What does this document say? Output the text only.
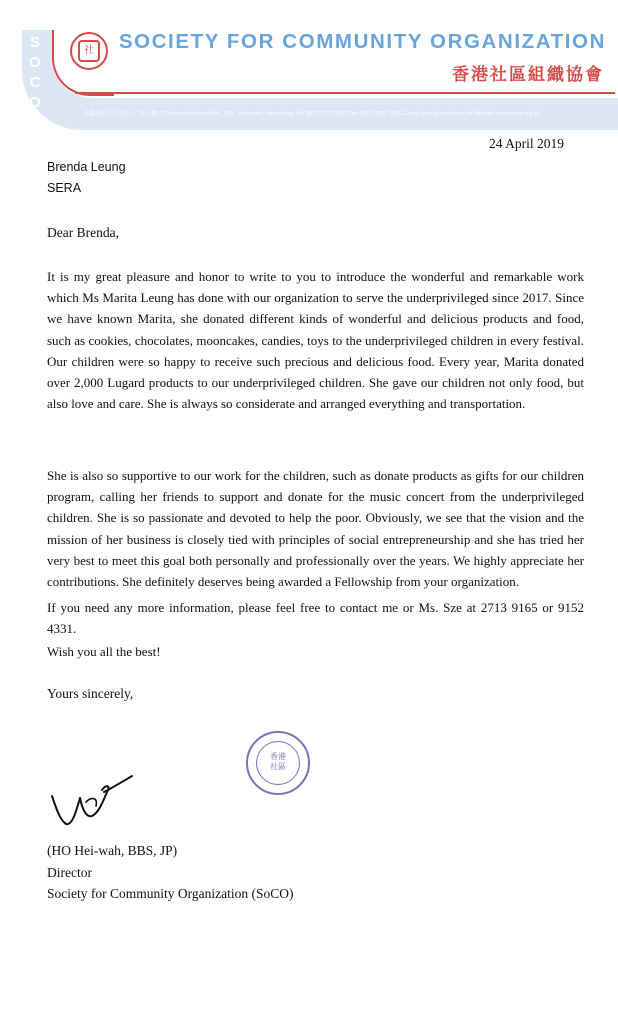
S
O
C
O
社 SOCIETY FOR COMMUNITY ORGANIZATION
香港社區組織協會
九龍旺角公主道五十二號三樓 52 Princess Margaret Rd., 3/Fl., Homantin, Hong Kong Tel: (852) 2713 9165 Fax: (852) 2761 3326 E-mail: soco@pacific.net.hk Website: www.soco.org.hk
24 April 2019
Brenda Leung
SERA
Dear Brenda,

It is my great pleasure and honor to write to you to introduce the wonderful and remarkable work which Ms Marita Leung has done with our organization to serve the underprivileged since 2017. Since we have known Marita, she donated different kinds of wonderful and delicious products and food, such as cookies, chocolates, mooncakes, candies, toys to the underprivileged children in every festival. Our children were so happy to receive such precious and delicious food. Every year, Marita donated over 2,000 Lugard products to our underprivileged children. She gave our children not only food, but also love and care. She is always so considerate and arranged everything and transportation.

She is also so supportive to our work for the children, such as donate products as gifts for our children program, calling her friends to support and donate for the music concert from the underprivileged children. She is so passionate and devoted to help the poor. Obviously, we see that the vision and the mission of her business is closely tied with principles of social entrepreneurship and she has tried her very best to meet this goal both personally and professionally over the years. We highly appreciate her contributions. She definitely deserves being awarded a Fellowship from your organization.

If you need any more information, please feel free to contact me or Ms. Sze at 2713 9165 or 9152 4331.

Wish you all the best!

Yours sincerely,
香港
社區
(HO Hei-wah, BBS, JP)
Director
Society for Community Organization (SoCO)
